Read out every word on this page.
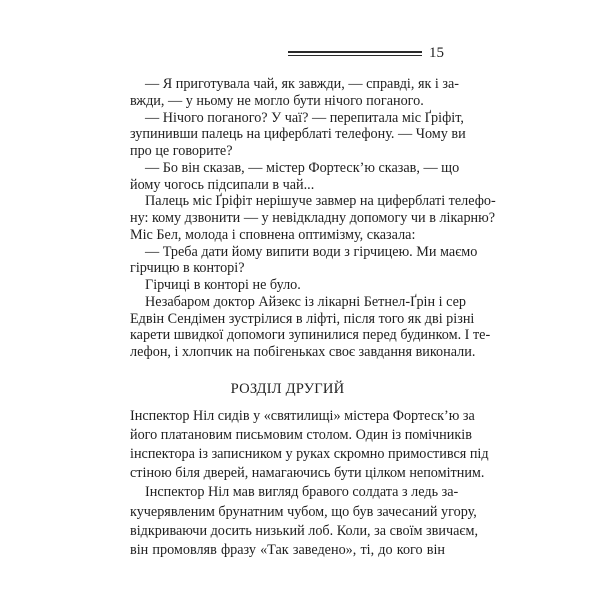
15
— Я приготувала чай, як завжди, — справді, як і за-
вжди, — у ньому не могло бути нічого поганого.
— Нічого поганого? У чаї? — перепитала міс Ґріфіт,
зупинивши палець на циферблаті телефону. — Чому ви
про це говорите?
— Бо він сказав, — містер Фортеск’ю сказав, — що
йому чогось підсипали в чай...
Палець міс Ґріфіт нерішуче завмер на циферблаті телефо-
ну: кому дзвонити — у невідкладну допомогу чи в лікарню?
Міс Бел, молода і сповнена оптимізму, сказала:
— Треба дати йому випити води з гірчицею. Ми маємо
гірчицю в конторі?
Гірчиці в конторі не було.
Незабаром доктор Айзекс із лікарні Бетнел-Ґрін і сер
Едвін Сендімен зустрілися в ліфті, після того як дві різні
карети швидкої допомоги зупинилися перед будинком. І те-
лефон, і хлопчик на побігеньках своє завдання виконали.
РОЗДІЛ ДРУГИЙ
Інспектор Ніл сидів у «святилищі» містера Фортеск’ю за
його платановим письмовим столом. Один із помічників
інспектора із записником у руках скромно примостився під
стіною біля дверей, намагаючись бути цілком непомітним.
Інспектор Ніл мав вигляд бравого солдата з ледь за-
кучерявленим брунатним чубом, що був зачесаний угору,
відкриваючи досить низький лоб. Коли, за своїм звичаєм,
він промовляв фразу «Так заведено», ті, до кого він
